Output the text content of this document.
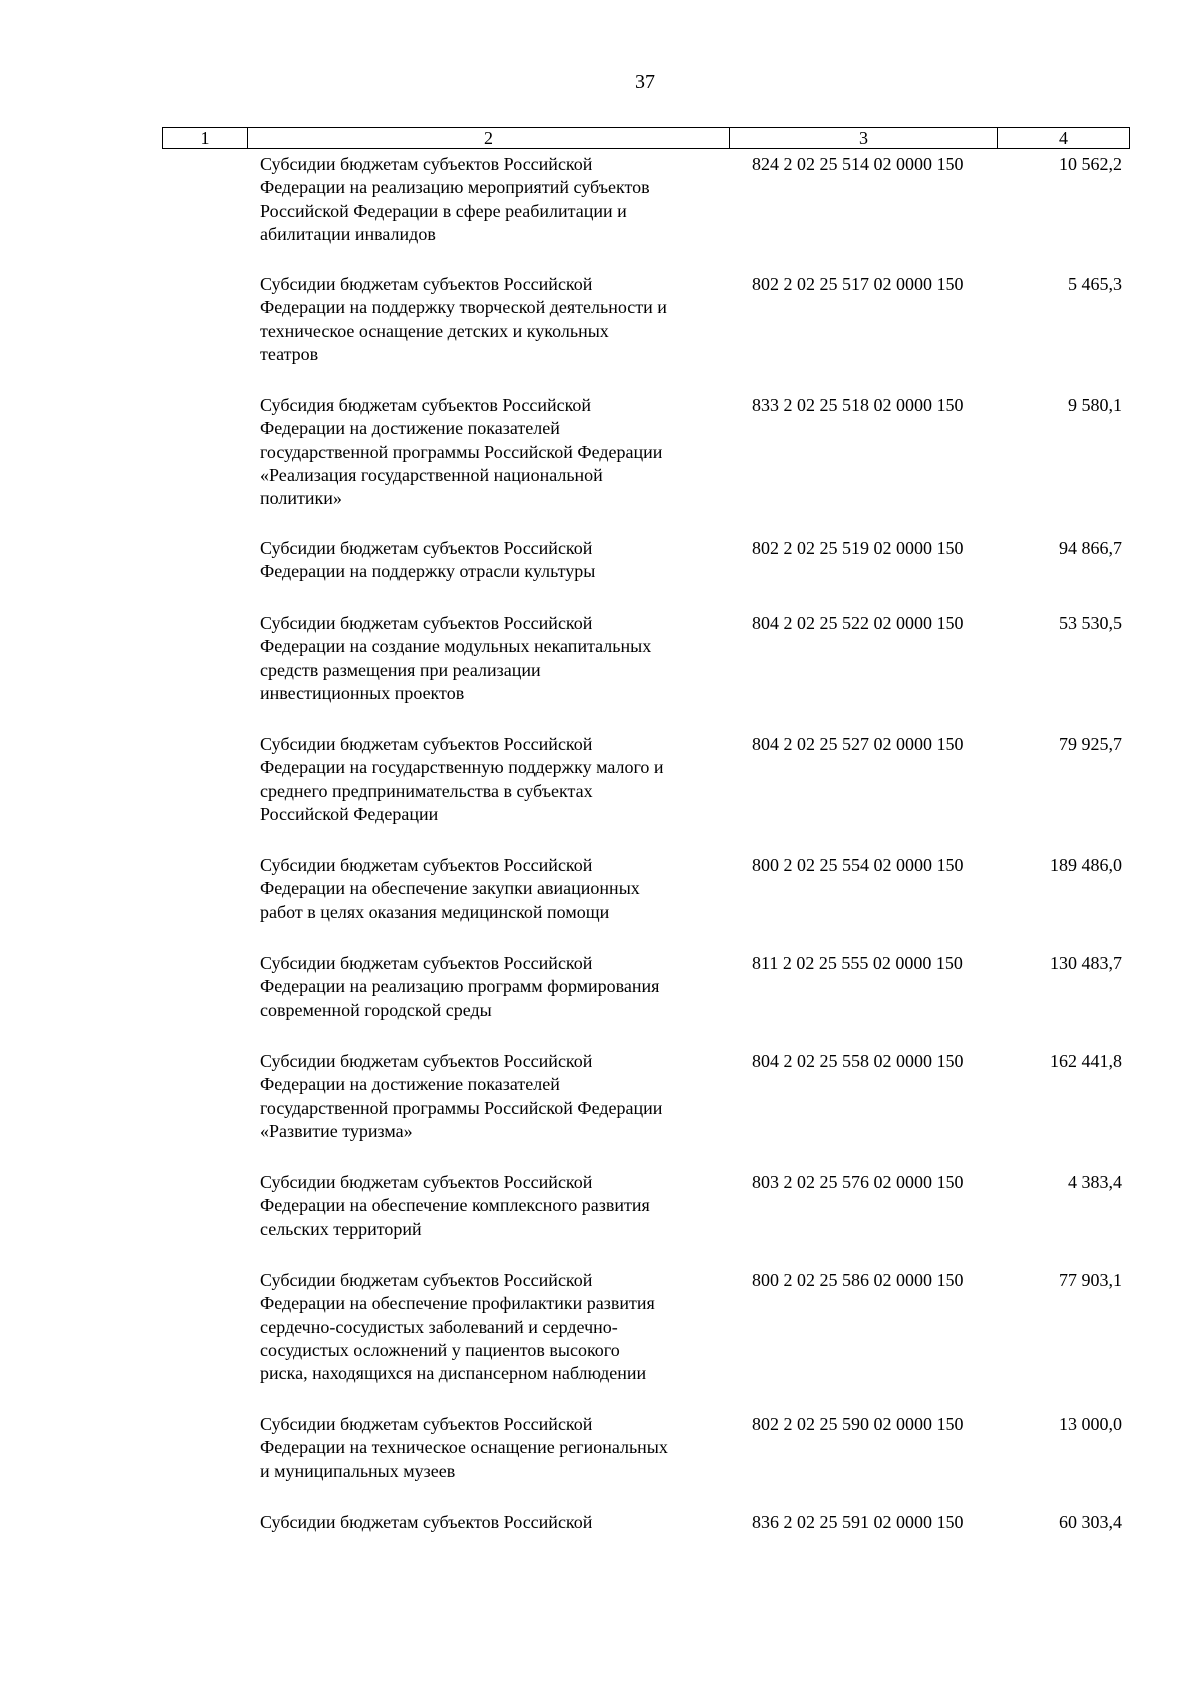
37
1	2	3	4
Субсидии бюджетам субъектов Российской
Федерации на реализацию мероприятий субъектов
Российской Федерации в сфере реабилитации и
абилитации инвалидов
824 2 02 25 514 02 0000 150	10 562,2
Субсидии бюджетам субъектов Российской
Федерации на поддержку творческой деятельности и
техническое оснащение детских и кукольных
театров
802 2 02 25 517 02 0000 150	5 465,3
Субсидия бюджетам субъектов Российской
Федерации на достижение показателей
государственной программы Российской Федерации
«Реализация государственной национальной
политики»
833 2 02 25 518 02 0000 150	9 580,1
Субсидии бюджетам субъектов Российской
Федерации на поддержку отрасли культуры
802 2 02 25 519 02 0000 150	94 866,7
Субсидии бюджетам субъектов Российской
Федерации на создание модульных некапитальных
средств размещения при реализации
инвестиционных проектов
804 2 02 25 522 02 0000 150	53 530,5
Субсидии бюджетам субъектов Российской
Федерации на государственную поддержку малого и
среднего предпринимательства в субъектах
Российской Федерации
804 2 02 25 527 02 0000 150	79 925,7
Субсидии бюджетам субъектов Российской
Федерации на обеспечение закупки авиационных
работ в целях оказания медицинской помощи
800 2 02 25 554 02 0000 150	189 486,0
Субсидии бюджетам субъектов Российской
Федерации на реализацию программ формирования
современной городской среды
811 2 02 25 555 02 0000 150	130 483,7
Субсидии бюджетам субъектов Российской
Федерации на достижение показателей
государственной программы Российской Федерации
«Развитие туризма»
804 2 02 25 558 02 0000 150	162 441,8
Субсидии бюджетам субъектов Российской
Федерации на обеспечение комплексного развития
сельских территорий
803 2 02 25 576 02 0000 150	4 383,4
Субсидии бюджетам субъектов Российской
Федерации на обеспечение профилактики развития
сердечно-сосудистых заболеваний и сердечно-
сосудистых осложнений у пациентов высокого
риска, находящихся на диспансерном наблюдении
800 2 02 25 586 02 0000 150	77 903,1
Субсидии бюджетам субъектов Российской
Федерации на техническое оснащение региональных
и муниципальных музеев
802 2 02 25 590 02 0000 150	13 000,0
Субсидии бюджетам субъектов Российской	836 2 02 25 591 02 0000 150	60 303,4
